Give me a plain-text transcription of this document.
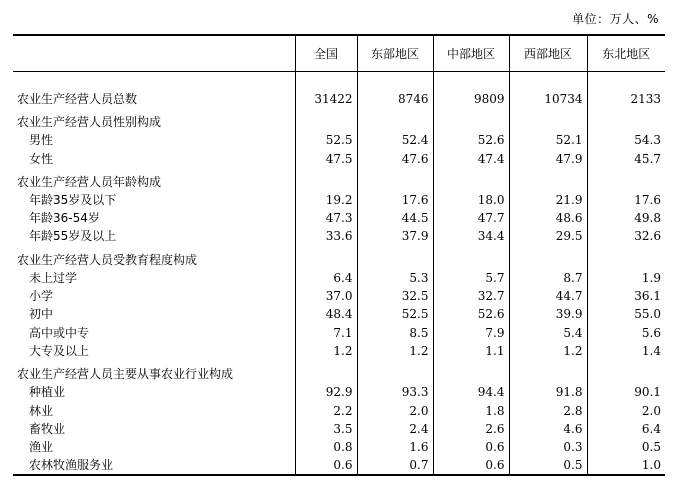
单位：万人、%
	全国	东部地区	中部地区	西部地区	东北地区

农业生产经营人员总数	31422	8746	9809	10734	2133
农业生产经营人员性别构成					
男性	52.5	52.4	52.6	52.1	54.3
女性	47.5	47.6	47.4	47.9	45.7
农业生产经营人员年龄构成					
年龄35岁及以下	19.2	17.6	18.0	21.9	17.6
年龄36-54岁	47.3	44.5	47.7	48.6	49.8
年龄55岁及以上	33.6	37.9	34.4	29.5	32.6
农业生产经营人员受教育程度构成					
未上过学	6.4	5.3	5.7	8.7	1.9
小学	37.0	32.5	32.7	44.7	36.1
初中	48.4	52.5	52.6	39.9	55.0
高中或中专	7.1	8.5	7.9	5.4	5.6
大专及以上	1.2	1.2	1.1	1.2	1.4
农业生产经营人员主要从事农业行业构成					
种植业	92.9	93.3	94.4	91.8	90.1
林业	2.2	2.0	1.8	2.8	2.0
畜牧业	3.5	2.4	2.6	4.6	6.4
渔业	0.8	1.6	0.6	0.3	0.5
农林牧渔服务业	0.6	0.7	0.6	0.5	1.0
